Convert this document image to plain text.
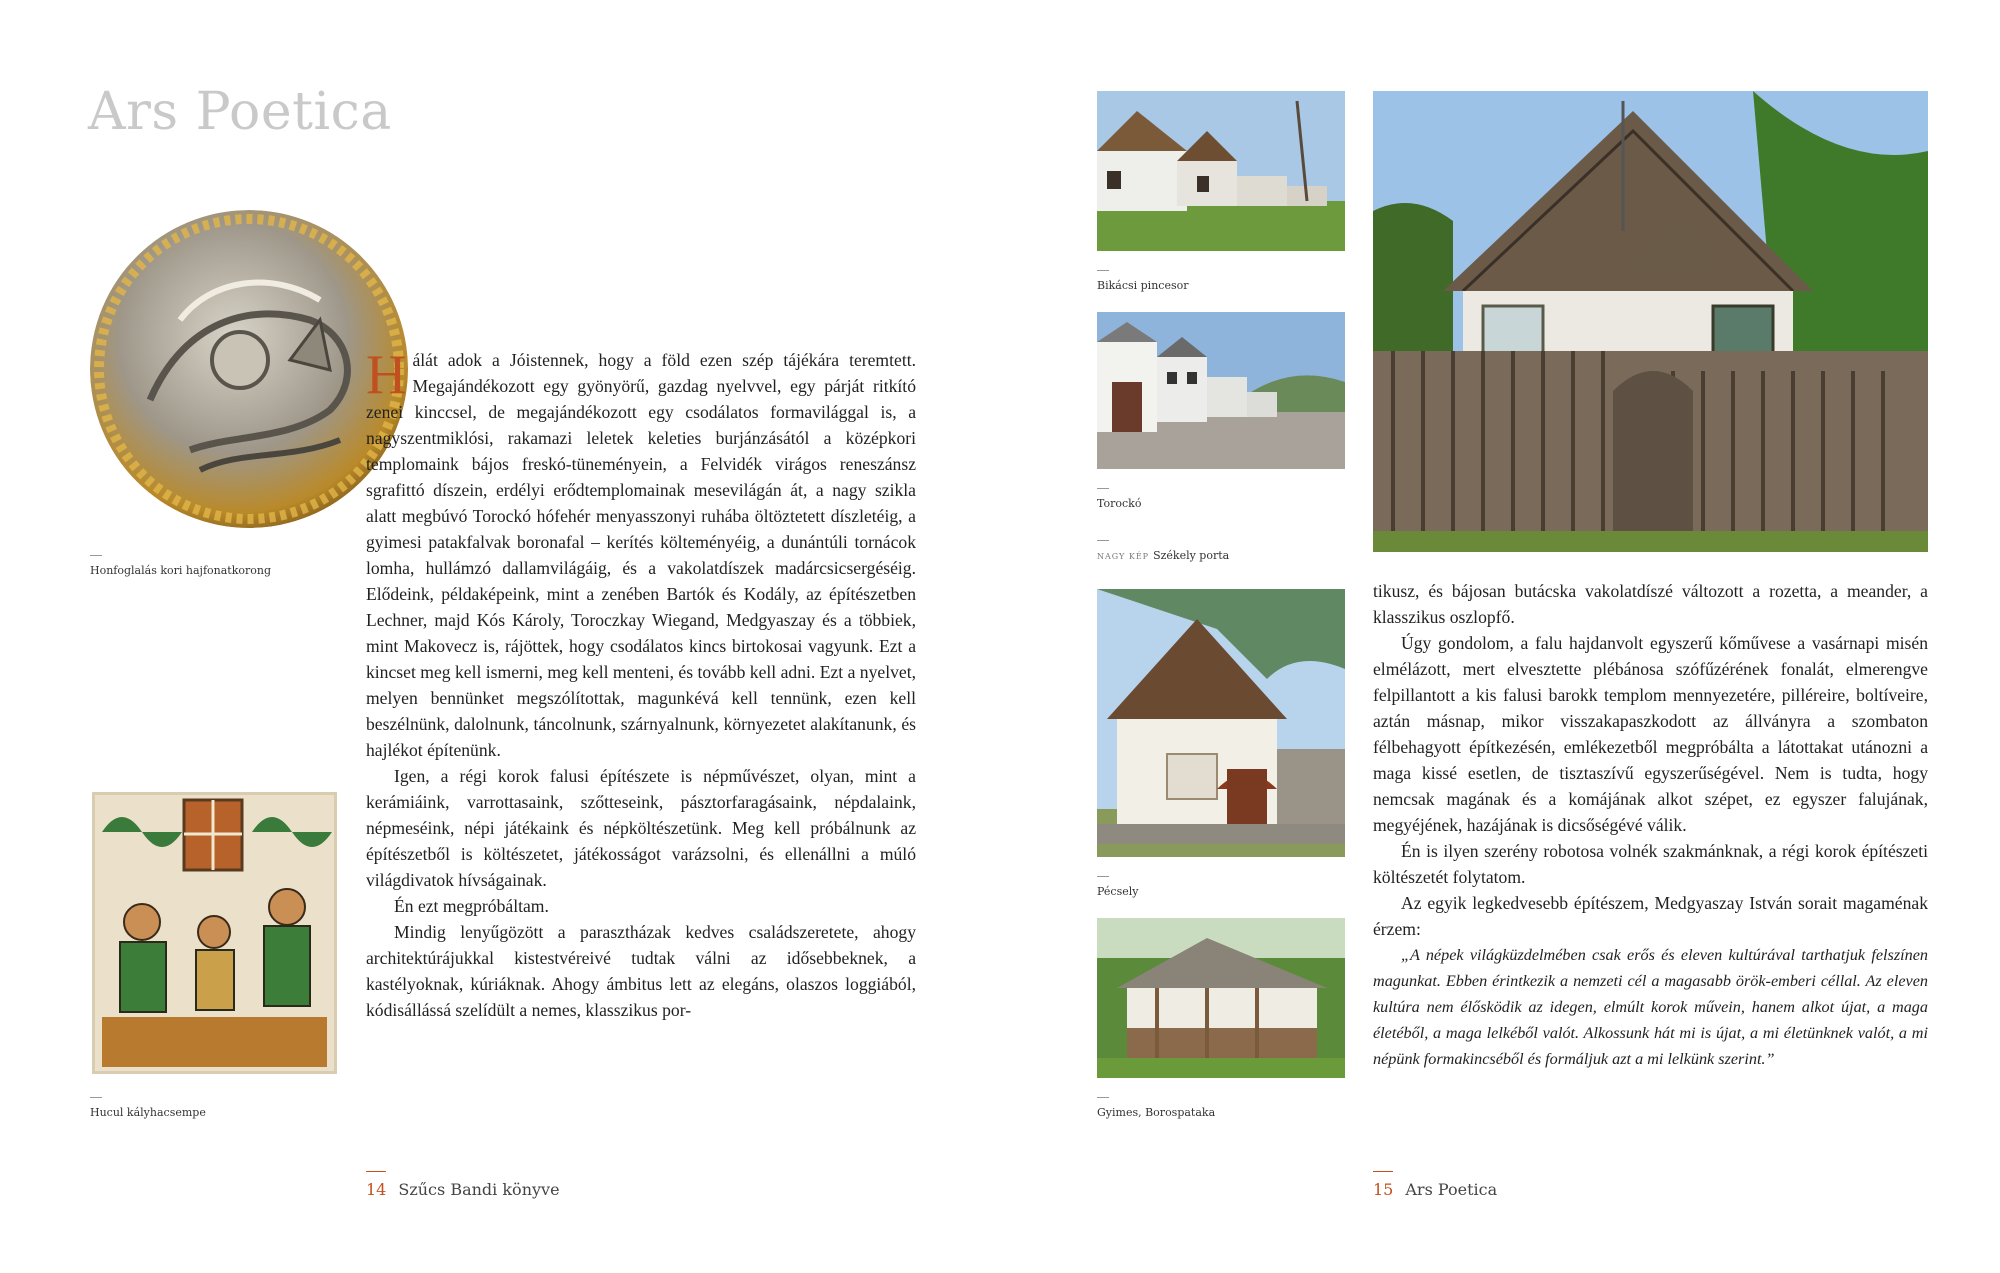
Ars Poetica
Honfoglalás kori hajfonatkorong
Hucul kályhacsempe

Hálát adok a Jóistennek, hogy a föld ezen szép tájékára teremtett. Megajándékozott egy gyönyörű, gazdag nyelvvel, egy párját ritkító zenei kinccsel, de megajándékozott egy csodálatos formavilággal is, a nagyszentmiklósi, rakamazi leletek keleties burjánzásától a középkori templomaink bájos freskó-tüneményein, a Felvidék virágos reneszánsz sgrafittó díszein, erdélyi erődtemplomainak mesevilágán át, a nagy szikla alatt megbúvó Torockó hófehér menyasszonyi ruhába öltöztetett díszletéig, a gyimesi patakfalvak boronafal – kerítés költeményéig, a dunántúli tornácok lomha, hullámzó dallamvilágáig, és a vakolatdíszek madárcsicsergéséig. Elődeink, példaképeink, mint a zenében Bartók és Kodály, az építészetben Lechner, majd Kós Károly, Toroczkay Wiegand, Medgyaszay és a többiek, mint Makovecz is, rájöttek, hogy csodálatos kincs birtokosai vagyunk. Ezt a kincset meg kell ismerni, meg kell menteni, és tovább kell adni. Ezt a nyelvet, melyen bennünket megszólítottak, magunkévá kell tennünk, ezen kell beszélnünk, dalolnunk, táncolnunk, szárnyalnunk, környezetet alakítanunk, és hajlékot építenünk.

Igen, a régi korok falusi építészete is népművészet, olyan, mint a kerámiáink, varrottasaink, szőtteseink, pásztorfaragásaink, népdalaink, népmeséink, népi játékaink és népköltészetünk. Meg kell próbálnunk az építészetből is költészetet, játékosságot varázsolni, és ellenállni a múló világdivatok hívságainak.

Én ezt megpróbáltam.

Mindig lenyűgözött a parasztházak kedves családszeretete, ahogy architektúrájukkal kistestvéreivé tudtak válni az idősebbeknek, a kastélyoknak, kúriáknak. Ahogy ámbitus lett az elegáns, olaszos loggiából, kódisállássá szelídült a nemes, klasszikus por-

Bikácsi pincesor
Torockó
NAGY KÉP Székely porta
Pécsely
Gyimes, Borospataka

tikusz, és bájosan butácska vakolatdíszé változott a rozetta, a meander, a klasszikus oszlopfő.

Úgy gondolom, a falu hajdanvolt egyszerű kőművese a vasárnapi misén elmélázott, mert elvesztette plébánosa szófűzérének fonalát, elmerengve felpillantott a kis falusi barokk templom mennyezetére, pilléreire, boltíveire, aztán másnap, mikor visszakapaszkodott az állványra a szombaton félbehagyott építkezésén, emlékezetből megpróbálta a látottakat utánozni a maga kissé esetlen, de tisztaszívű egyszerűségével. Nem is tudta, hogy nemcsak magának és a komájának alkot szépet, ez egyszer falujának, megyéjének, hazájának is dicsőségévé válik.

Én is ilyen szerény robotosa volnék szakmánknak, a régi korok építészeti költészetét folytatom.

Az egyik legkedvesebb építészem, Medgyaszay István sorait magaménak érzem:

„A népek világküzdelmében csak erős és eleven kultúrával tarthatjuk felszínen magunkat. Ebben érintkezik a nemzeti cél a magasabb örök-emberi céllal. Az eleven kultúra nem élősködik az idegen, elmúlt korok művein, hanem alkot újat, a maga életéből, a maga lelkéből valót. Alkossunk hát mi is újat, a mi életünknek valót, a mi népünk formakincséből és formáljuk azt a mi lelkünk szerint.”

14 Szűcs Bandi könyve	15 Ars Poetica
